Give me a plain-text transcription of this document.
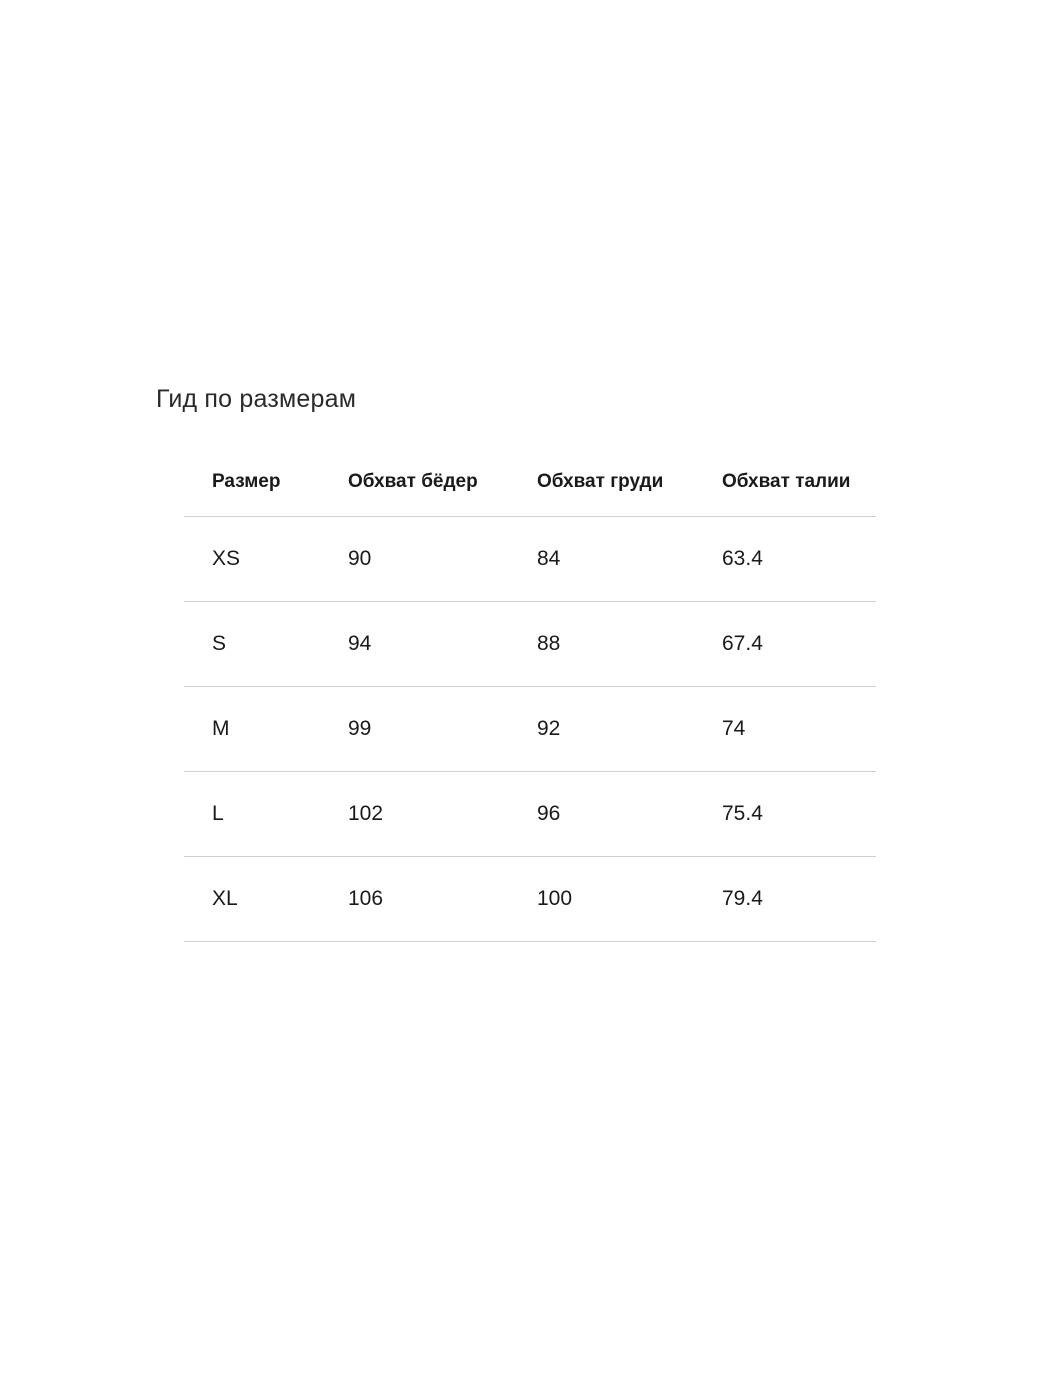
Гид по размерам
Размер	Обхват бёдер	Обхват груди	Обхват талии
XS	90	84	63.4
S	94	88	67.4
M	99	92	74
L	102	96	75.4
XL	106	100	79.4
